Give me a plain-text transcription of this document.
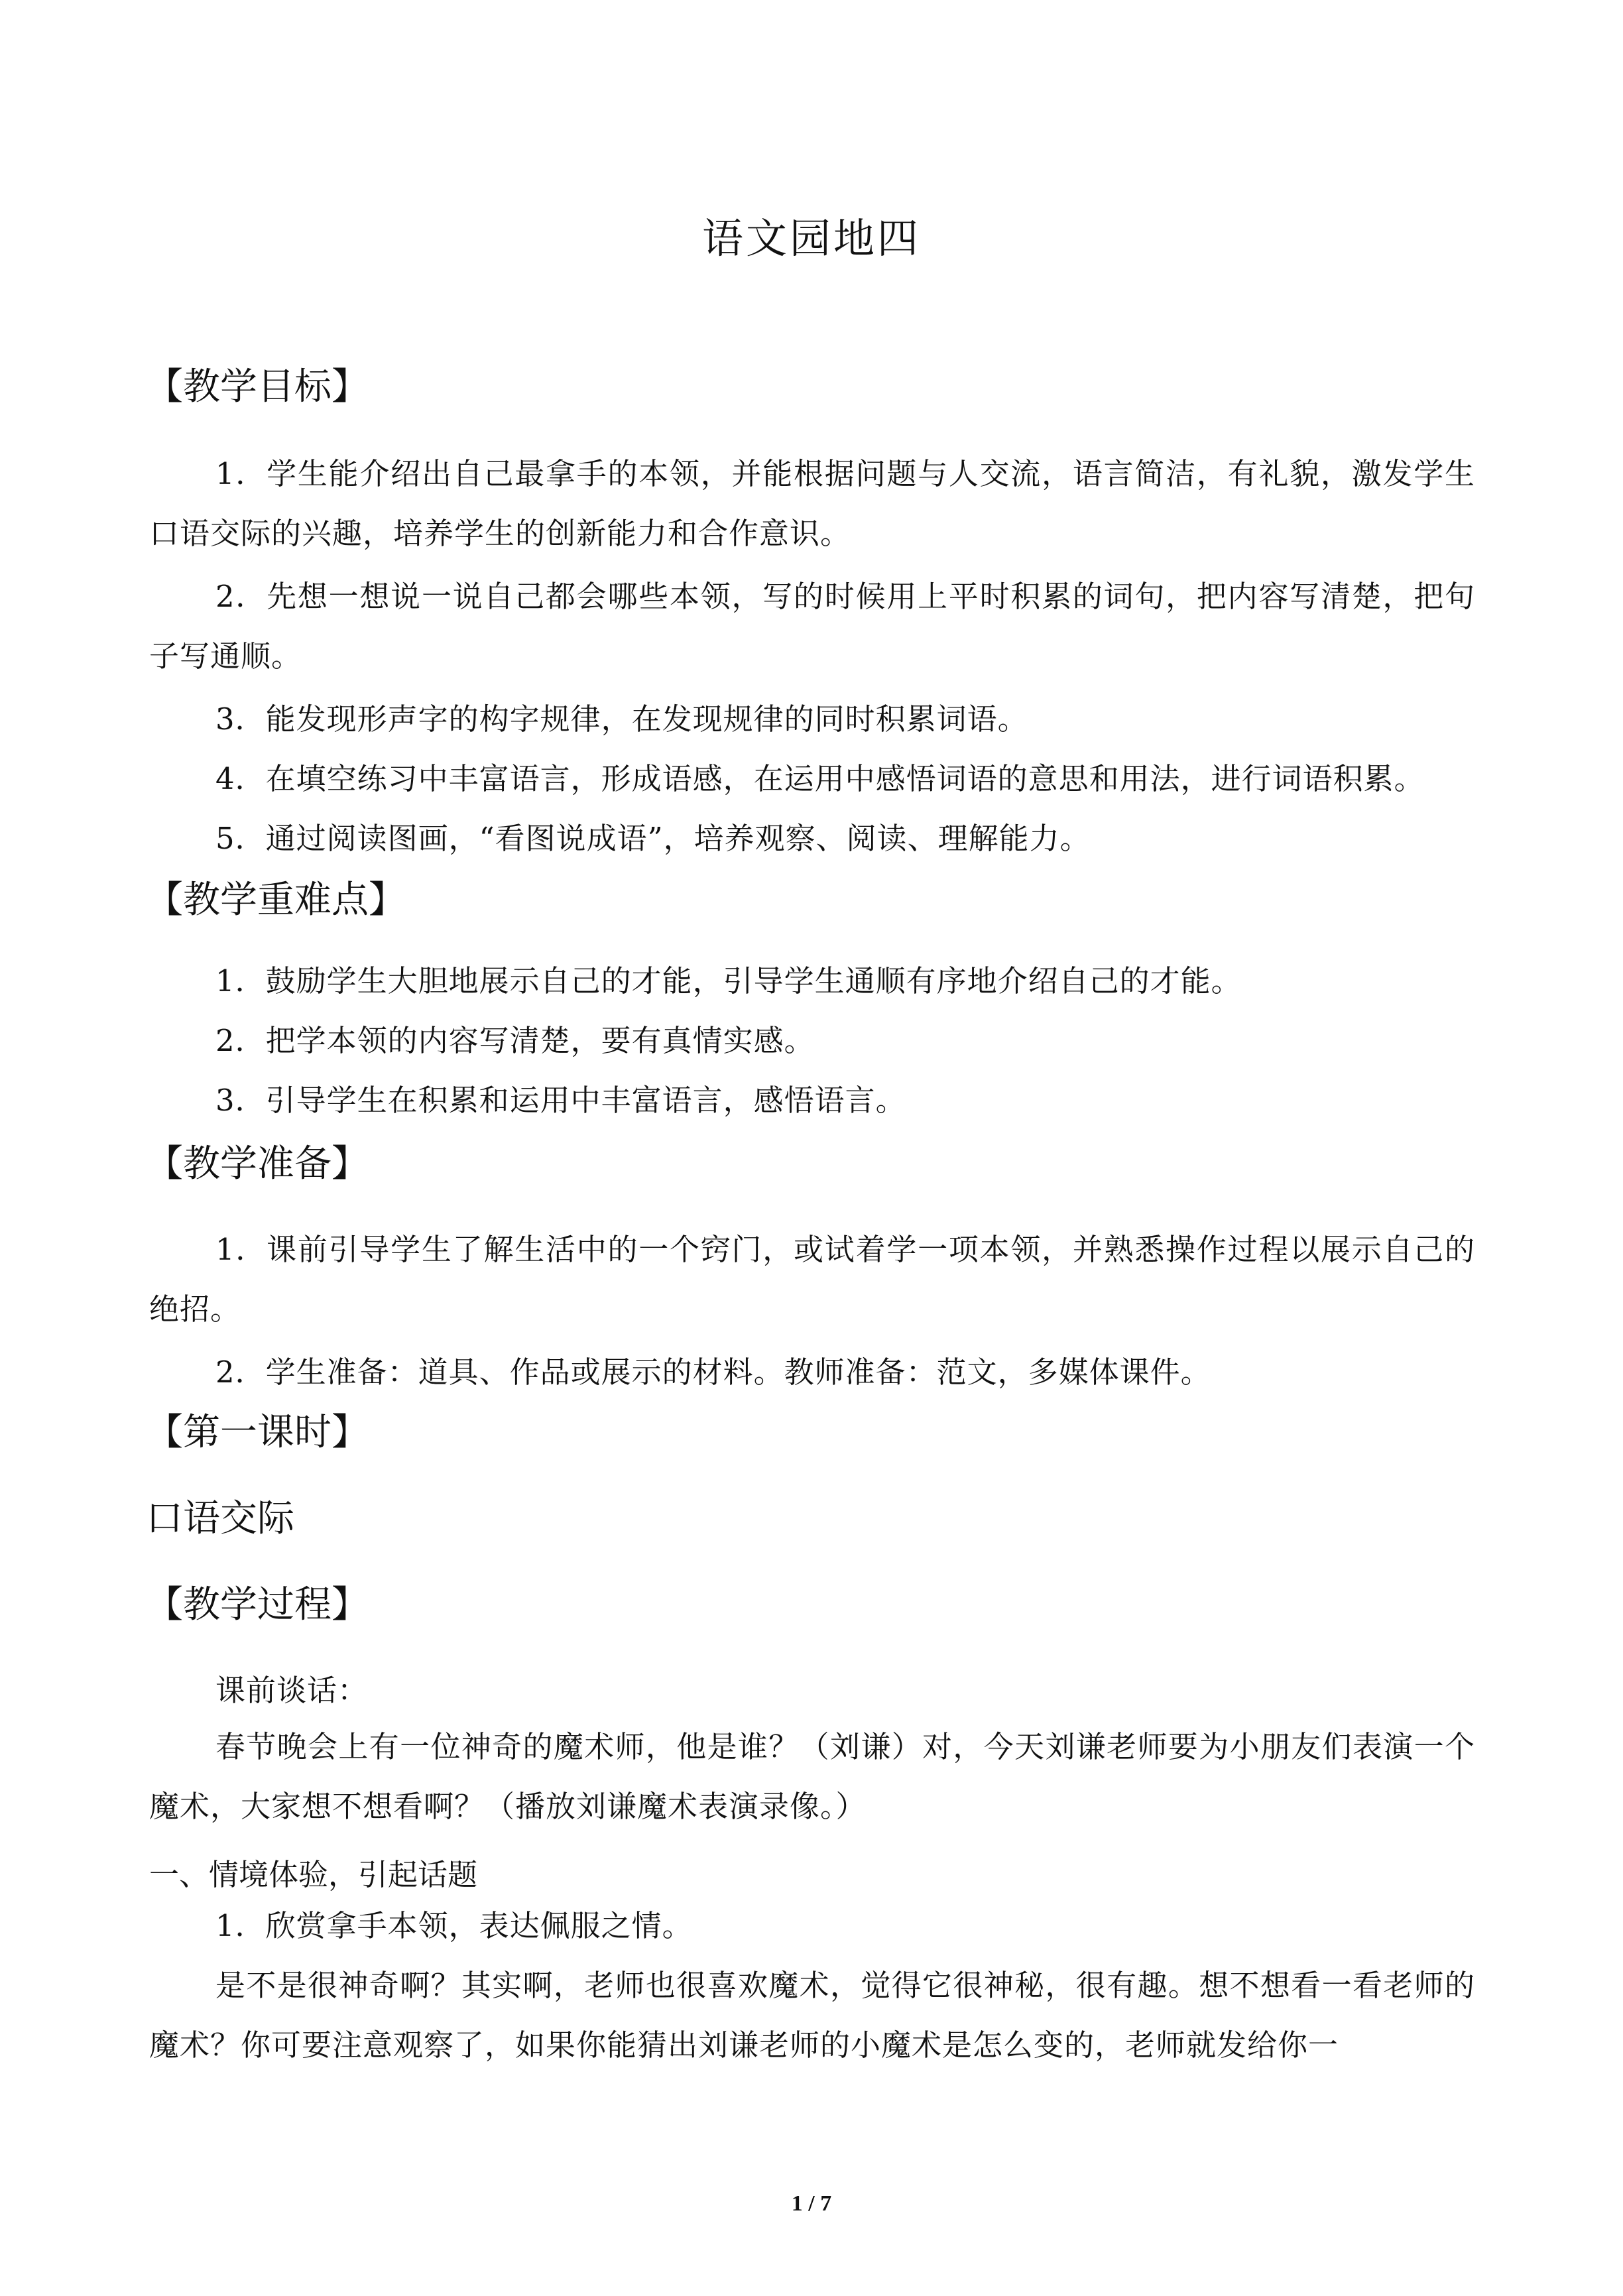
语文园地四
【教学目标】
1．学生能介绍出自己最拿手的本领，并能根据问题与人交流，语言简洁，有礼貌，激发学生口语交际的兴趣，培养学生的创新能力和合作意识。
2．先想一想说一说自己都会哪些本领，写的时候用上平时积累的词句，把内容写清楚，把句子写通顺。
3．能发现形声字的构字规律，在发现规律的同时积累词语。
4．在填空练习中丰富语言，形成语感，在运用中感悟词语的意思和用法，进行词语积累。
5．通过阅读图画，“看图说成语”，培养观察、阅读、理解能力。
【教学重难点】
1．鼓励学生大胆地展示自己的才能，引导学生通顺有序地介绍自己的才能。
2．把学本领的内容写清楚，要有真情实感。
3．引导学生在积累和运用中丰富语言，感悟语言。
【教学准备】
1．课前引导学生了解生活中的一个窍门，或试着学一项本领，并熟悉操作过程以展示自己的绝招。
2．学生准备：道具、作品或展示的材料。教师准备：范文，多媒体课件。
【第一课时】
口语交际
【教学过程】
课前谈话：
春节晚会上有一位神奇的魔术师，他是谁？（刘谦）对，今天刘谦老师要为小朋友们表演一个魔术，大家想不想看啊？（播放刘谦魔术表演录像。）
一、情境体验，引起话题
1．欣赏拿手本领，表达佩服之情。
是不是很神奇啊？其实啊，老师也很喜欢魔术，觉得它很神秘，很有趣。想不想看一看老师的魔术？你可要注意观察了，如果你能猜出刘谦老师的小魔术是怎么变的，老师就发给你一
1 / 7
